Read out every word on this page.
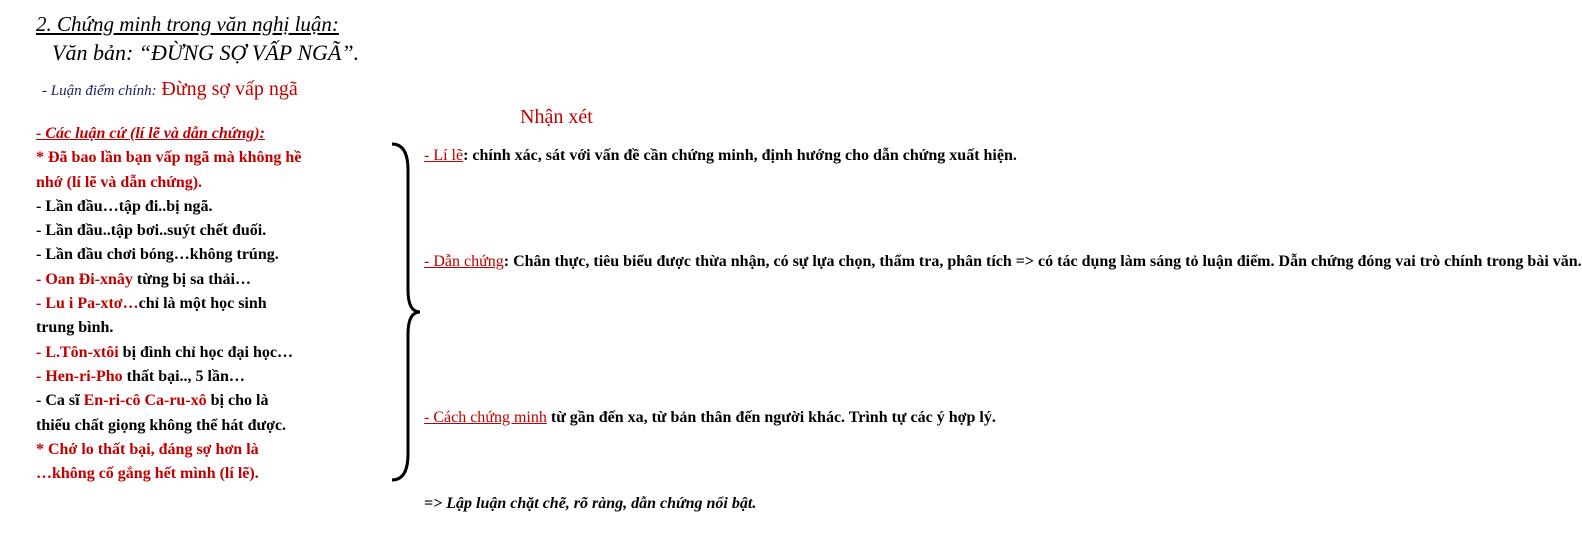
2. Chứng minh trong văn nghị luận:
Văn bản: “ĐỪNG SỢ VẤP NGÃ”.
- Luận điểm chính: Đừng sợ vấp ngã
Nhận xét
- Các luận cứ (lí lẽ và dẫn chứng):
* Đã bao lần bạn vấp ngã mà không hề
nhớ (lí lẽ và dẫn chứng).
- Lần đầu…tập đi..bị ngã.
- Lần đầu..tập bơi..suýt chết đuối.
- Lần đầu chơi bóng…không trúng.
- Oan Đi-xnây từng bị sa thải…
- Lu i Pa-xtơ…chỉ là một học sinh
trung bình.
- L.Tôn-xtôi bị đình chỉ học đại học…
- Hen-ri-Pho thất bại.., 5 lần…
- Ca sĩ En-ri-cô Ca-ru-xô bị cho là
thiếu chất giọng không thể hát được.
* Chớ lo thất bại, đáng sợ hơn là
…không cố gắng hết mình (lí lẽ).
- Lí lẽ: chính xác, sát với vấn đề cần chứng minh, định hướng cho dẫn chứng xuất hiện.
- Dẫn chứng: Chân thực, tiêu biểu được thừa nhận, có sự lựa chọn, thẩm tra, phân tích => có tác dụng làm sáng tỏ luận điểm. Dẫn chứng đóng vai trò chính trong bài văn.
- Cách chứng minh từ gần đến xa, từ bản thân đến người khác. Trình tự các ý hợp lý.
=> Lập luận chặt chẽ, rõ ràng, dẫn chứng nổi bật.
